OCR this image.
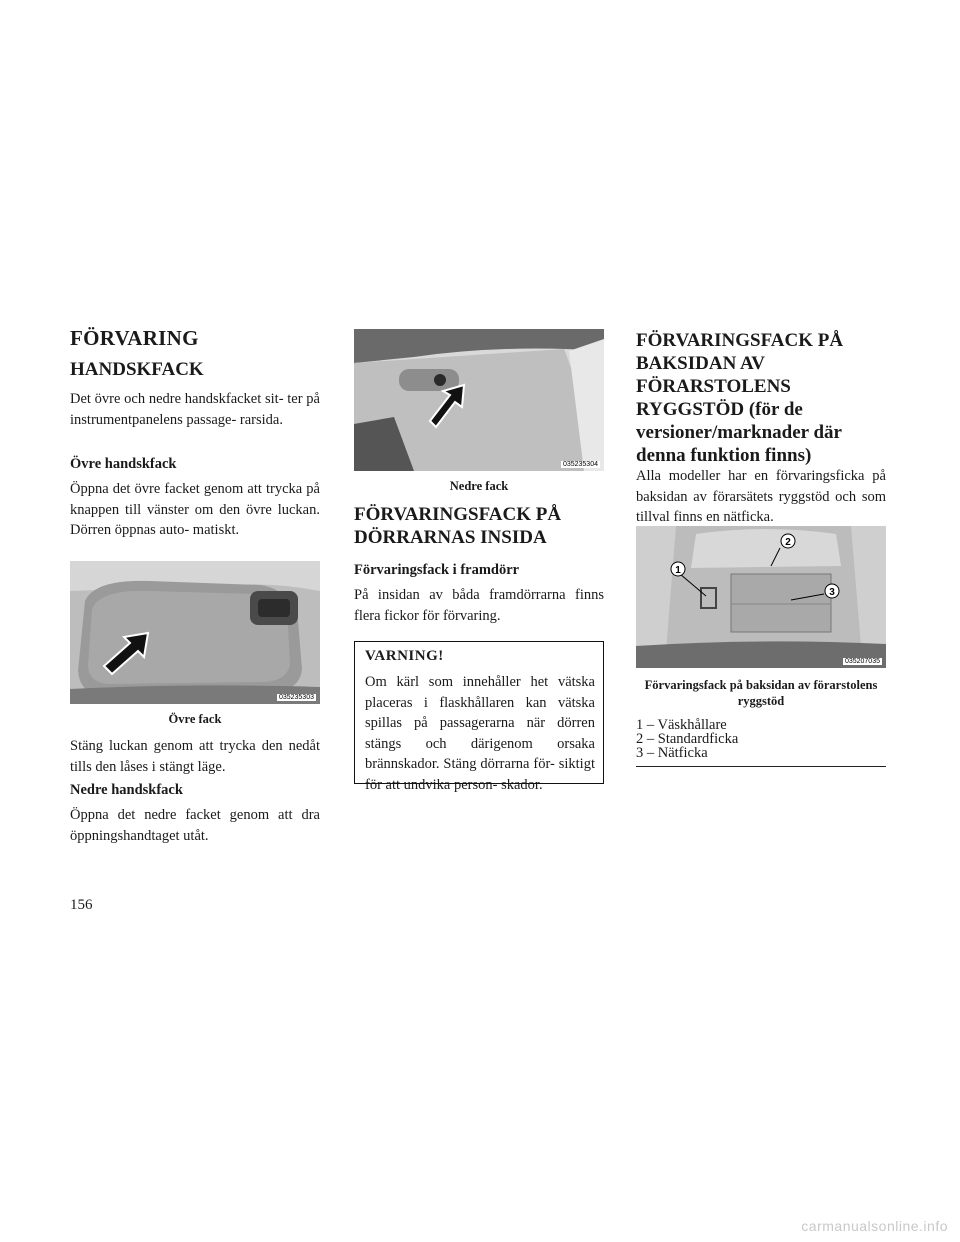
FÖRVARING
HANDSKFACK

Det övre och nedre handskfacket sit- ter på instrumentpanelens passage- rarsida.

Övre handskfack

Öppna det övre facket genom att trycka på knappen till vänster om den övre luckan. Dörren öppnas auto- matiskt.

035235303
Övre fack

Stäng luckan genom att trycka den nedåt tills den låses i stängt läge.

Nedre handskfack

Öppna det nedre facket genom att dra öppningshandtaget utåt.

035235304
Nedre fack
FÖRVARINGSFACK PÅ DÖRRARNAS INSIDA
Förvaringsfack i framdörr

På insidan av båda framdörrarna finns flera fickor för förvaring.

VARNING!

Om kärl som innehåller het vätska placeras i flaskhållaren kan vätska spillas på passagerarna när dörren stängs och därigenom orsaka brännskador. Stäng dörrarna för- siktigt för att undvika person- skador.

FÖRVARINGSFACK PÅ BAKSIDAN AV FÖRARSTOLENS RYGGSTÖD (för de versioner/marknader där denna funktion finns)

Alla modeller har en förvaringsficka på baksidan av förarsätets ryggstöd och som tillval finns en nätficka.

1
2
3
035207035
Förvaringsfack på baksidan av förarstolens ryggstöd
1 – Väskhållare
2 – Standardficka
3 – Nätficka
156
carmanualsonline.info
